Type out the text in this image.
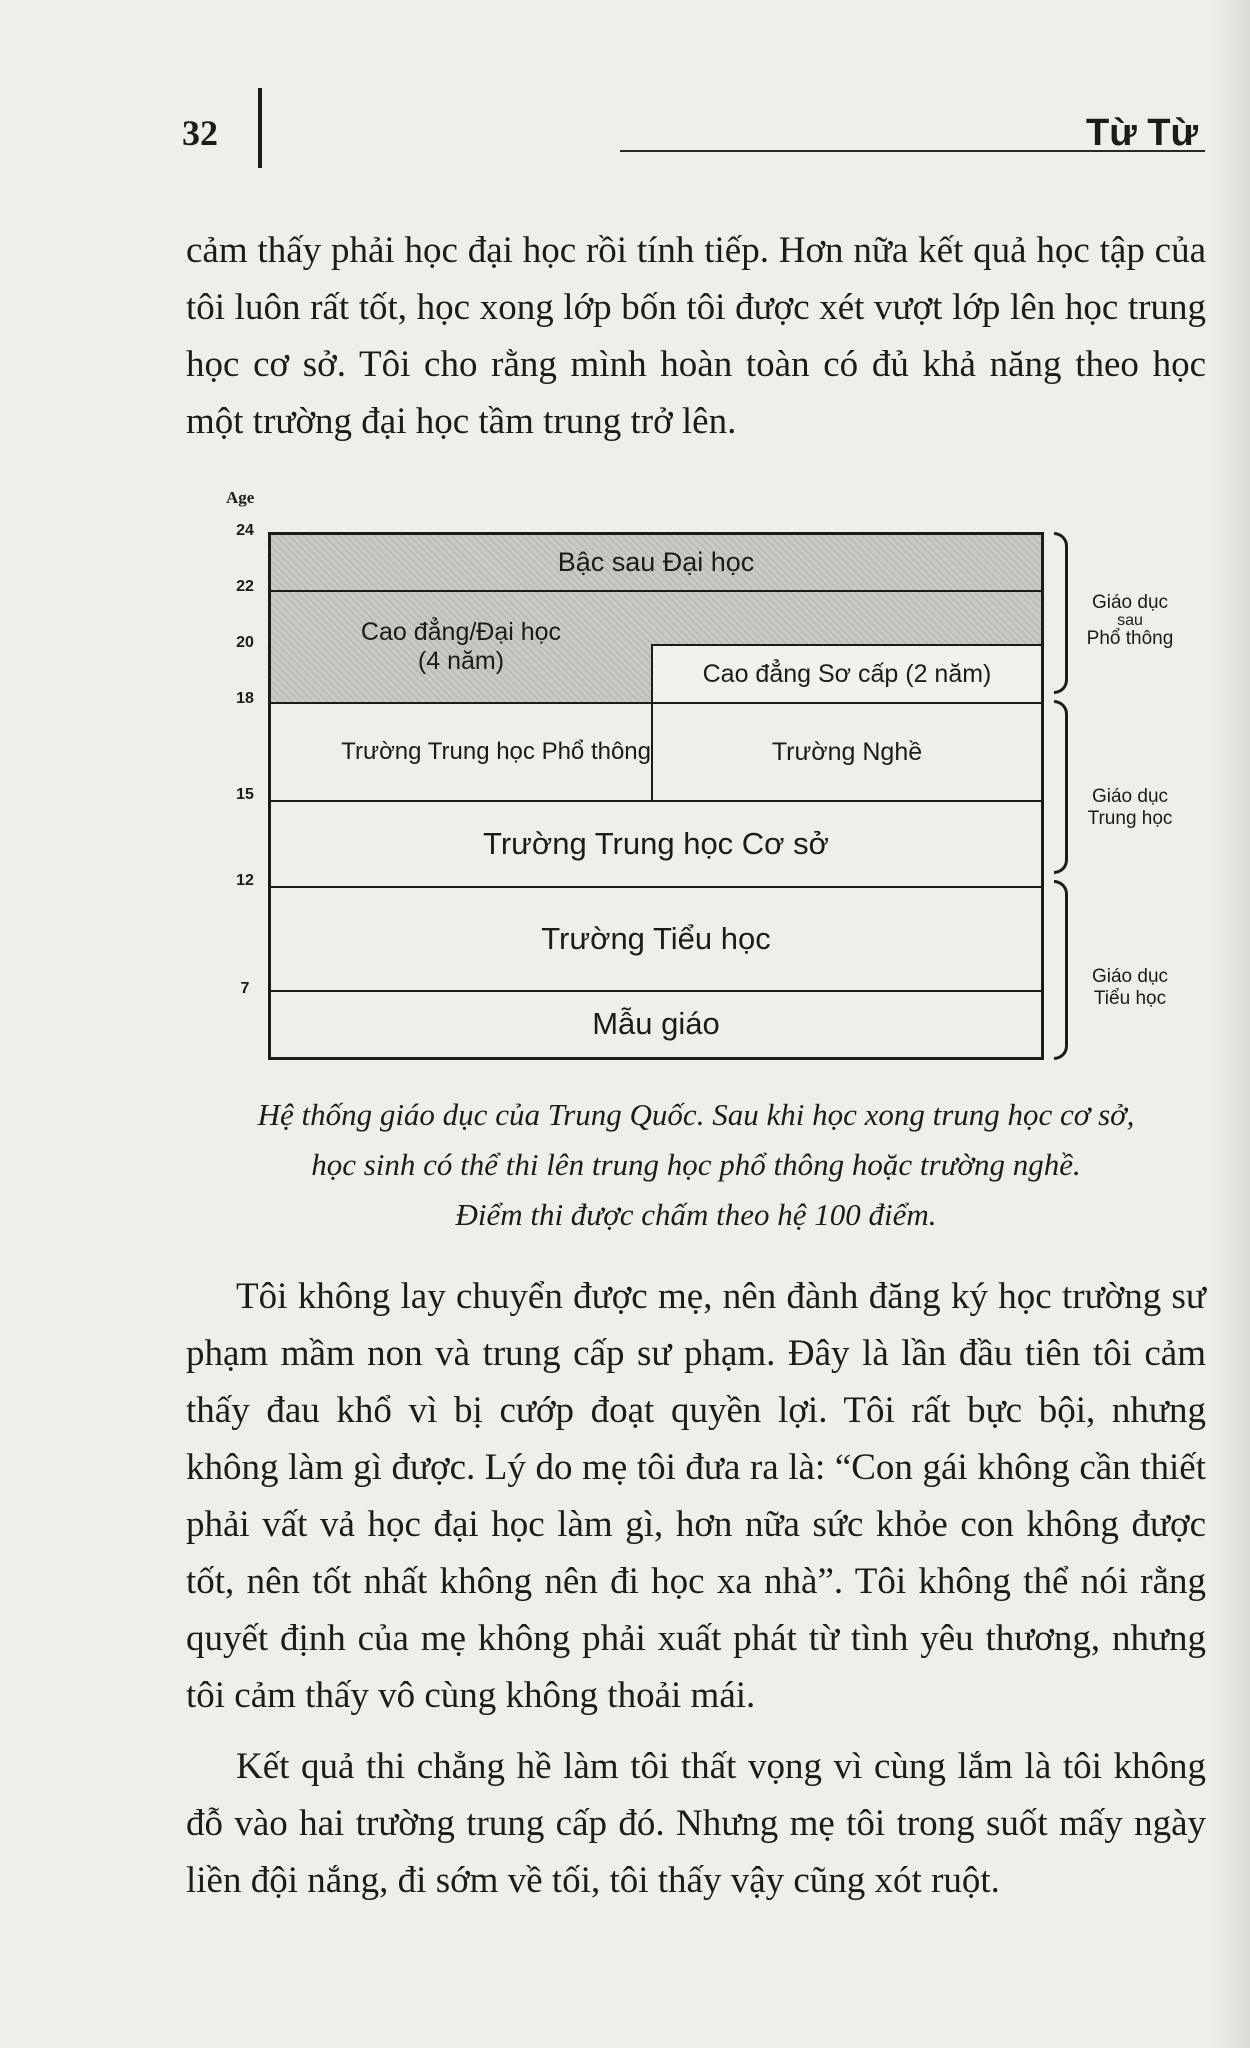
32	Từ Từ

cảm thấy phải học đại học rồi tính tiếp. Hơn nữa kết quả học tập của tôi luôn rất tốt, học xong lớp bốn tôi được xét vượt lớp lên học trung học cơ sở. Tôi cho rằng mình hoàn toàn có đủ khả năng theo học một trường đại học tầm trung trở lên.

Age
24
22
20
18
15
12
7
Bậc sau Đại học
Cao đẳng/Đại học
(4 năm)	Cao đẳng Sơ cấp (2 năm)
Trường Trung học Phổ thông	Trường Nghề
Trường Trung học Cơ sở
Trường Tiểu học
Mẫu giáo
Giáo dục
sau
Phổ thông
Giáo dục
Trung học
Giáo dục
Tiểu học
Hệ thống giáo dục của Trung Quốc. Sau khi học xong trung học cơ sở,
học sinh có thể thi lên trung học phổ thông hoặc trường nghề.
Điểm thi được chấm theo hệ 100 điểm.

Tôi không lay chuyển được mẹ, nên đành đăng ký học trường sư phạm mầm non và trung cấp sư phạm. Đây là lần đầu tiên tôi cảm thấy đau khổ vì bị cướp đoạt quyền lợi. Tôi rất bực bội, nhưng không làm gì được. Lý do mẹ tôi đưa ra là: “Con gái không cần thiết phải vất vả học đại học làm gì, hơn nữa sức khỏe con không được tốt, nên tốt nhất không nên đi học xa nhà”. Tôi không thể nói rằng quyết định của mẹ không phải xuất phát từ tình yêu thương, nhưng tôi cảm thấy vô cùng không thoải mái.

Kết quả thi chẳng hề làm tôi thất vọng vì cùng lắm là tôi không đỗ vào hai trường trung cấp đó. Nhưng mẹ tôi trong suốt mấy ngày liền đội nắng, đi sớm về tối, tôi thấy vậy cũng xót ruột.
